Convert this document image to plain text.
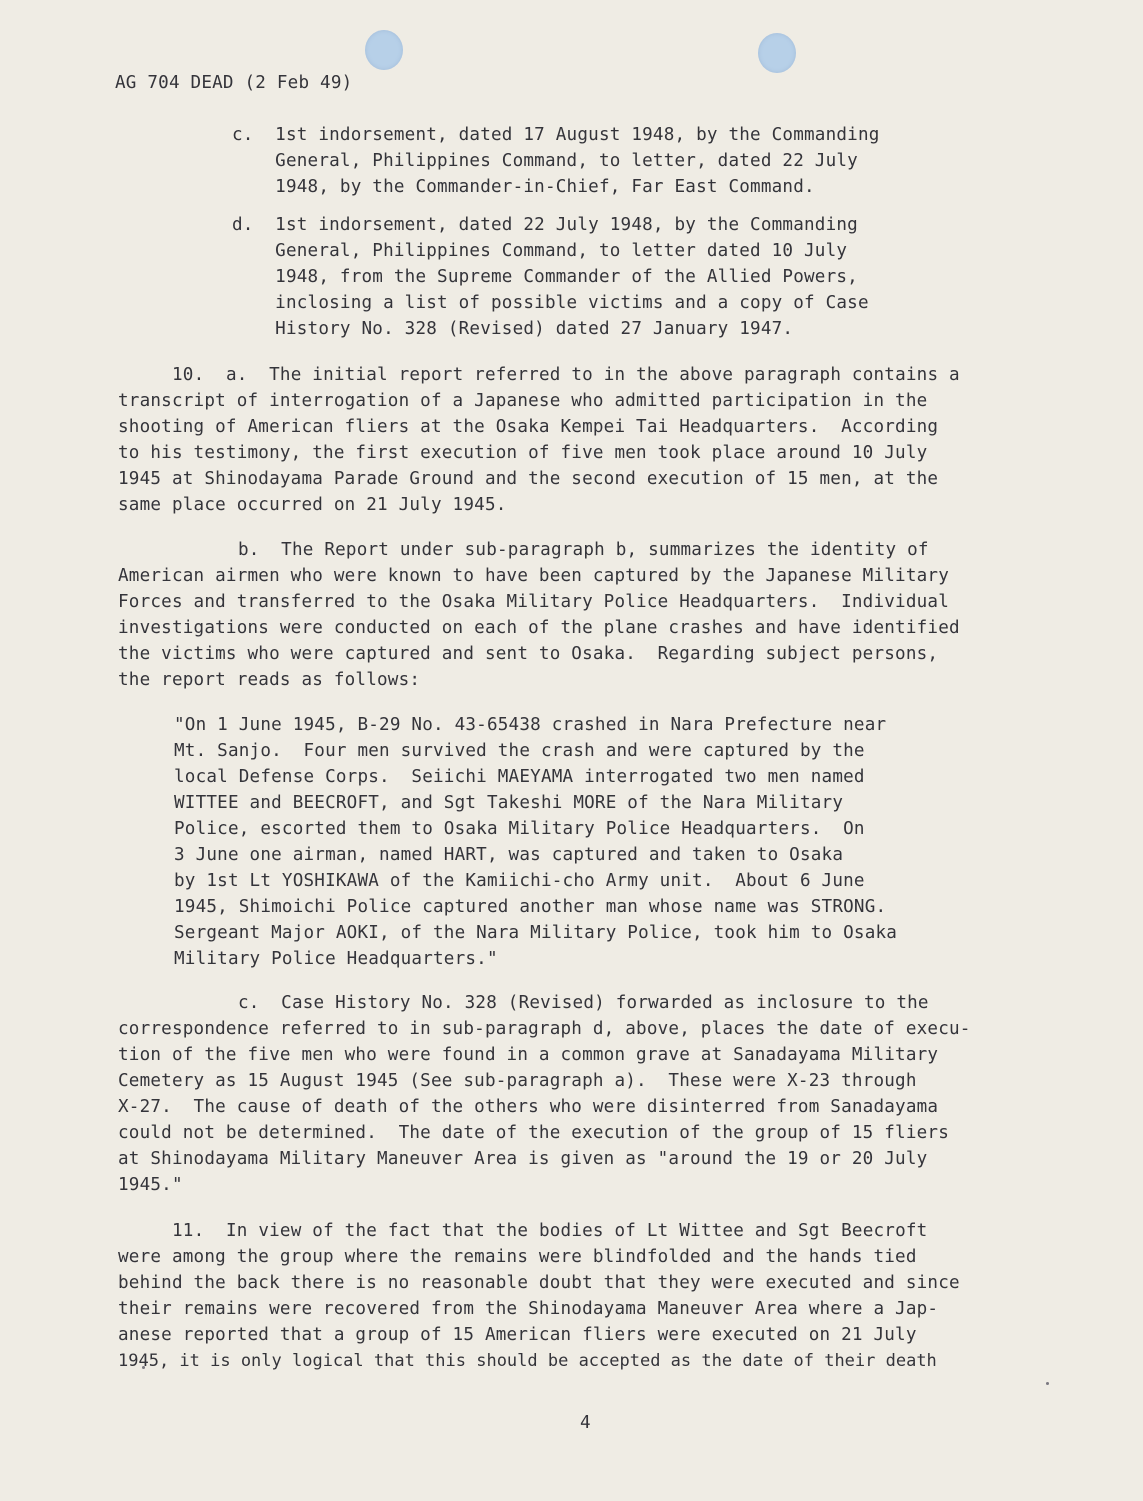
AG 704 DEAD (2 Feb 49)
c.  1st indorsement, dated 17 August 1948, by the Commanding
General, Philippines Command, to letter, dated 22 July
1948, by the Commander-in-Chief, Far East Command.
d.  1st indorsement, dated 22 July 1948, by the Commanding
General, Philippines Command, to letter dated 10 July
1948, from the Supreme Commander of the Allied Powers,
inclosing a list of possible victims and a copy of Case
History No. 328 (Revised) dated 27 January 1947.
10.  a.  The initial report referred to in the above paragraph contains a
transcript of interrogation of a Japanese who admitted participation in the
shooting of American fliers at the Osaka Kempei Tai Headquarters.  According
to his testimony, the first execution of five men took place around 10 July
1945 at Shinodayama Parade Ground and the second execution of 15 men, at the
same place occurred on 21 July 1945.
b.  The Report under sub-paragraph b, summarizes the identity of
American airmen who were known to have been captured by the Japanese Military
Forces and transferred to the Osaka Military Police Headquarters.  Individual
investigations were conducted on each of the plane crashes and have identified
the victims who were captured and sent to Osaka.  Regarding subject persons,
the report reads as follows:
"On 1 June 1945, B-29 No. 43-65438 crashed in Nara Prefecture near
Mt. Sanjo.  Four men survived the crash and were captured by the
local Defense Corps.  Seiichi MAEYAMA interrogated two men named
WITTEE and BEECROFT, and Sgt Takeshi MORE of the Nara Military
Police, escorted them to Osaka Military Police Headquarters.  On
3 June one airman, named HART, was captured and taken to Osaka
by 1st Lt YOSHIKAWA of the Kamiichi-cho Army unit.  About 6 June
1945, Shimoichi Police captured another man whose name was STRONG.
Sergeant Major AOKI, of the Nara Military Police, took him to Osaka
Military Police Headquarters."
c.  Case History No. 328 (Revised) forwarded as inclosure to the
correspondence referred to in sub-paragraph d, above, places the date of execu-
tion of the five men who were found in a common grave at Sanadayama Military
Cemetery as 15 August 1945 (See sub-paragraph a).  These were X-23 through
X-27.  The cause of death of the others who were disinterred from Sanadayama
could not be determined.  The date of the execution of the group of 15 fliers
at Shinodayama Military Maneuver Area is given as "around the 19 or 20 July
1945."
11.  In view of the fact that the bodies of Lt Wittee and Sgt Beecroft
were among the group where the remains were blindfolded and the hands tied
behind the back there is no reasonable doubt that they were executed and since
their remains were recovered from the Shinodayama Maneuver Area where a Jap-
anese reported that a group of 15 American fliers were executed on 21 July
1945, it is only logical that this should be accepted as the date of their death
4
